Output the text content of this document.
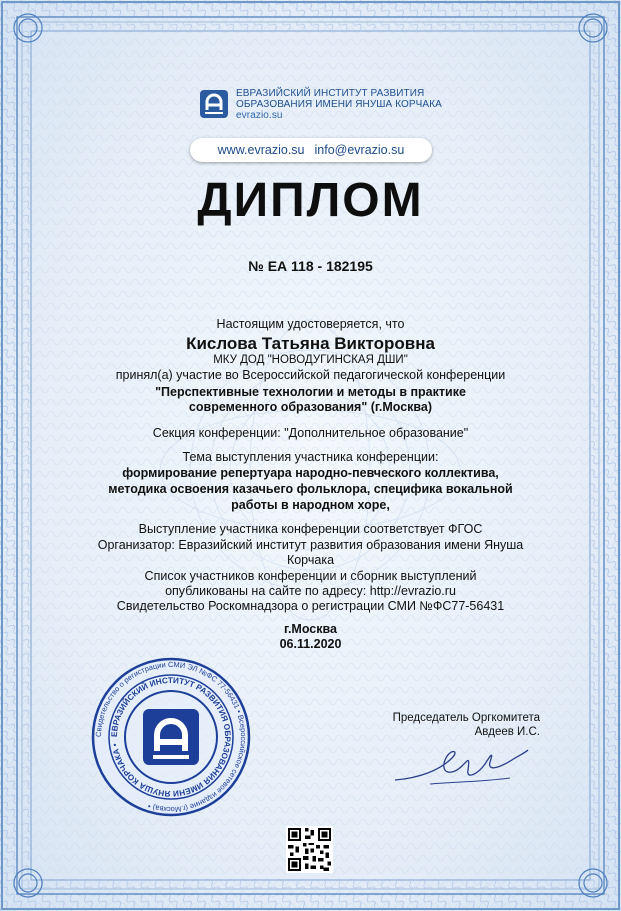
ЕВРАЗИЙСКИЙ ИНСТИТУТ РАЗВИТИЯ
ОБРАЗОВАНИЯ ИМЕНИ ЯНУША КОРЧАКА
evrazio.su
www.evrazio.su info@evrazio.su
ДИПЛОМ
№ ЕА 118 - 182195
Настоящим удостоверяется, что
Кислова Татьяна Викторовна
МКУ ДОД "НОВОДУГИНСКАЯ ДШИ"
принял(а) участие во Всероссийской педагогической конференции
"Перспективные технологии и методы в практике
современного образования" (г.Москва)
Секция конференции: "Дополнительное образование"
Тема выступления участника конференции:
формирование репертуара народно-певческого коллектива,
методика освоения казачьего фольклора, специфика вокальной
работы в народном хоре,
Выступление участника конференции соответствует ФГОС
Организатор: Евразийский институт развития образования имени Януша
Корчака
Список участников конференции и сборник выступлений
опубликованы на сайте по адресу: http://evrazio.ru
Свидетельство Роскомнадзора о регистрации СМИ №ФС77-56431
г.Москва
06.11.2020
Свидетельство о регистрации СМИ ЭЛ №ФС 77-56431 • Всероссийское сетевое издание (г.Москва) •
ЕВРАЗИЙСКИЙ ИНСТИТУТ РАЗВИТИЯ ОБРАЗОВАНИЯ ИМЕНИ ЯНУША КОРЧАКА •
Председатель Оргкомитета
Авдеев И.С.
